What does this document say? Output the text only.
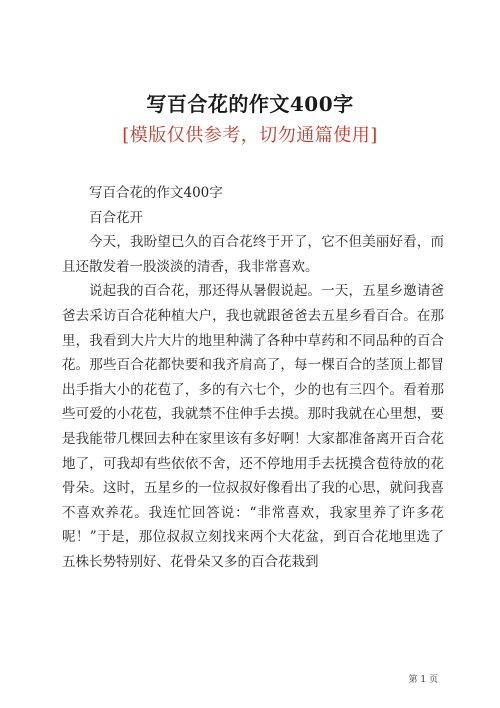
写百合花的作文400字
[模版仅供参考，切勿通篇使用]

写百合花的作文400字

百合花开

今天，我盼望已久的百合花终于开了，它不但美丽好看，而且还散发着一股淡淡的清香，我非常喜欢。

说起我的百合花，那还得从暑假说起。一天，五星乡邀请爸爸去采访百合花种植大户，我也就跟爸爸去五星乡看百合。在那里，我看到大片大片的地里种满了各种中草药和不同品种的百合花。那些百合花都快要和我齐肩高了，每一棵百合的茎顶上都冒出手指大小的花苞了，多的有六七个，少的也有三四个。看着那些可爱的小花苞，我就禁不住伸手去摸。那时我就在心里想，要是我能带几棵回去种在家里该有多好啊！大家都准备离开百合花地了，可我却有些依依不舍，还不停地用手去抚摸含苞待放的花骨朵。这时，五星乡的一位叔叔好像看出了我的心思，就问我喜不喜欢养花。我连忙回答说：“非常喜欢，我家里养了许多花呢！”于是，那位叔叔立刻找来两个大花盆，到百合花地里选了五株长势特别好、花骨朵又多的百合花栽到

第 1 页
